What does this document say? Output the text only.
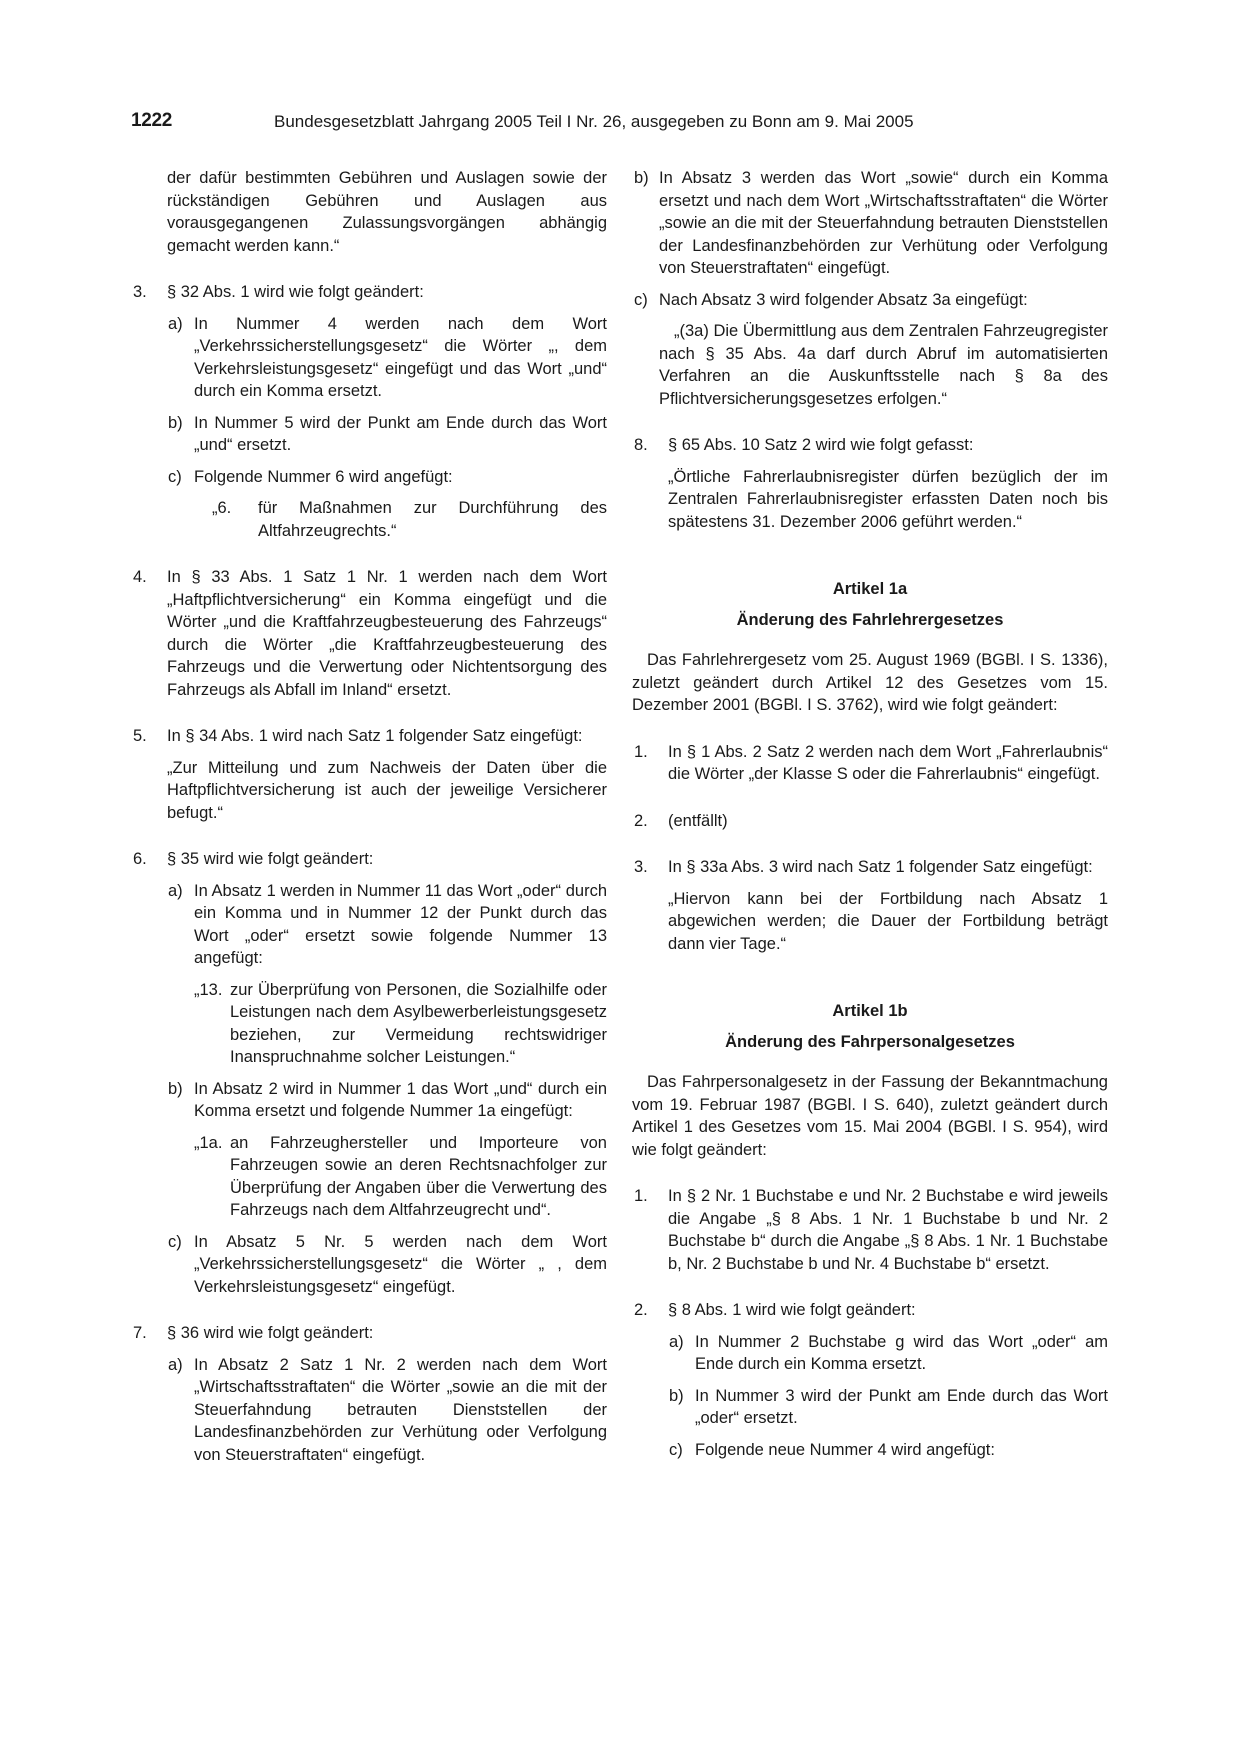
1222	Bundesgesetzblatt Jahrgang 2005 Teil I Nr. 26, ausgegeben zu Bonn am 9. Mai 2005

der dafür bestimmten Gebühren und Auslagen sowie der rückständigen Gebühren und Auslagen aus vorausgegangenen Zulassungsvorgängen abhängig gemacht werden kann.“

3. § 32 Abs. 1 wird wie folgt geändert:
a) In Nummer 4 werden nach dem Wort „Verkehrssicherstellungsgesetz“ die Wörter „, dem Verkehrsleistungsgesetz“ eingefügt und das Wort „und“ durch ein Komma ersetzt.
b) In Nummer 5 wird der Punkt am Ende durch das Wort „und“ ersetzt.
c) Folgende Nummer 6 wird angefügt:
„6. für Maßnahmen zur Durchführung des Altfahrzeugrechts.“
4. In § 33 Abs. 1 Satz 1 Nr. 1 werden nach dem Wort „Haftpflichtversicherung“ ein Komma eingefügt und die Wörter „und die Kraftfahrzeugbesteuerung des Fahrzeugs“ durch die Wörter „die Kraftfahrzeugbesteuerung des Fahrzeugs und die Verwertung oder Nichtentsorgung des Fahrzeugs als Abfall im Inland“ ersetzt.
5. In § 34 Abs. 1 wird nach Satz 1 folgender Satz eingefügt:

„Zur Mitteilung und zum Nachweis der Daten über die Haftpflichtversicherung ist auch der jeweilige Versicherer befugt.“

6. § 35 wird wie folgt geändert:
a) In Absatz 1 werden in Nummer 11 das Wort „oder“ durch ein Komma und in Nummer 12 der Punkt durch das Wort „oder“ ersetzt sowie folgende Nummer 13 angefügt:
„13. zur Überprüfung von Personen, die Sozialhilfe oder Leistungen nach dem Asylbewerberleistungsgesetz beziehen, zur Vermeidung rechtswidriger Inanspruchnahme solcher Leistungen.“
b) In Absatz 2 wird in Nummer 1 das Wort „und“ durch ein Komma ersetzt und folgende Nummer 1a eingefügt:
„1a. an Fahrzeughersteller und Importeure von Fahrzeugen sowie an deren Rechtsnachfolger zur Überprüfung der Angaben über die Verwertung des Fahrzeugs nach dem Altfahrzeugrecht und“.
c) In Absatz 5 Nr. 5 werden nach dem Wort „Verkehrssicherstellungsgesetz“ die Wörter „ , dem Verkehrsleistungsgesetz“ eingefügt.
7. § 36 wird wie folgt geändert:
a) In Absatz 2 Satz 1 Nr. 2 werden nach dem Wort „Wirtschaftsstraftaten“ die Wörter „sowie an die mit der Steuerfahndung betrauten Dienststellen der Landesfinanzbehörden zur Verhütung oder Verfolgung von Steuerstraftaten“ eingefügt.
b) In Absatz 3 werden das Wort „sowie“ durch ein Komma ersetzt und nach dem Wort „Wirtschaftsstraftaten“ die Wörter „sowie an die mit der Steuerfahndung betrauten Dienststellen der Landesfinanzbehörden zur Verhütung oder Verfolgung von Steuerstraftaten“ eingefügt.
c) Nach Absatz 3 wird folgender Absatz 3a eingefügt:

„(3a) Die Übermittlung aus dem Zentralen Fahrzeugregister nach § 35 Abs. 4a darf durch Abruf im automatisierten Verfahren an die Auskunftsstelle nach § 8a des Pflichtversicherungsgesetzes erfolgen.“

8. § 65 Abs. 10 Satz 2 wird wie folgt gefasst:

„Örtliche Fahrerlaubnisregister dürfen bezüglich der im Zentralen Fahrerlaubnisregister erfassten Daten noch bis spätestens 31. Dezember 2006 geführt werden.“

Artikel 1a

Änderung des Fahrlehrergesetzes

Das Fahrlehrergesetz vom 25. August 1969 (BGBl. I S. 1336), zuletzt geändert durch Artikel 12 des Gesetzes vom 15. Dezember 2001 (BGBl. I S. 3762), wird wie folgt geändert:

1. In § 1 Abs. 2 Satz 2 werden nach dem Wort „Fahrerlaubnis“ die Wörter „der Klasse S oder die Fahrerlaubnis“ eingefügt.
2. (entfällt)
3. In § 33a Abs. 3 wird nach Satz 1 folgender Satz eingefügt:

„Hiervon kann bei der Fortbildung nach Absatz 1 abgewichen werden; die Dauer der Fortbildung beträgt dann vier Tage.“

Artikel 1b

Änderung des Fahrpersonalgesetzes

Das Fahrpersonalgesetz in der Fassung der Bekanntmachung vom 19. Februar 1987 (BGBl. I S. 640), zuletzt geändert durch Artikel 1 des Gesetzes vom 15. Mai 2004 (BGBl. I S. 954), wird wie folgt geändert:

1. In § 2 Nr. 1 Buchstabe e und Nr. 2 Buchstabe e wird jeweils die Angabe „§ 8 Abs. 1 Nr. 1 Buchstabe b und Nr. 2 Buchstabe b“ durch die Angabe „§ 8 Abs. 1 Nr. 1 Buchstabe b, Nr. 2 Buchstabe b und Nr. 4 Buchstabe b“ ersetzt.
2. § 8 Abs. 1 wird wie folgt geändert:
a) In Nummer 2 Buchstabe g wird das Wort „oder“ am Ende durch ein Komma ersetzt.
b) In Nummer 3 wird der Punkt am Ende durch das Wort „oder“ ersetzt.
c) Folgende neue Nummer 4 wird angefügt:
